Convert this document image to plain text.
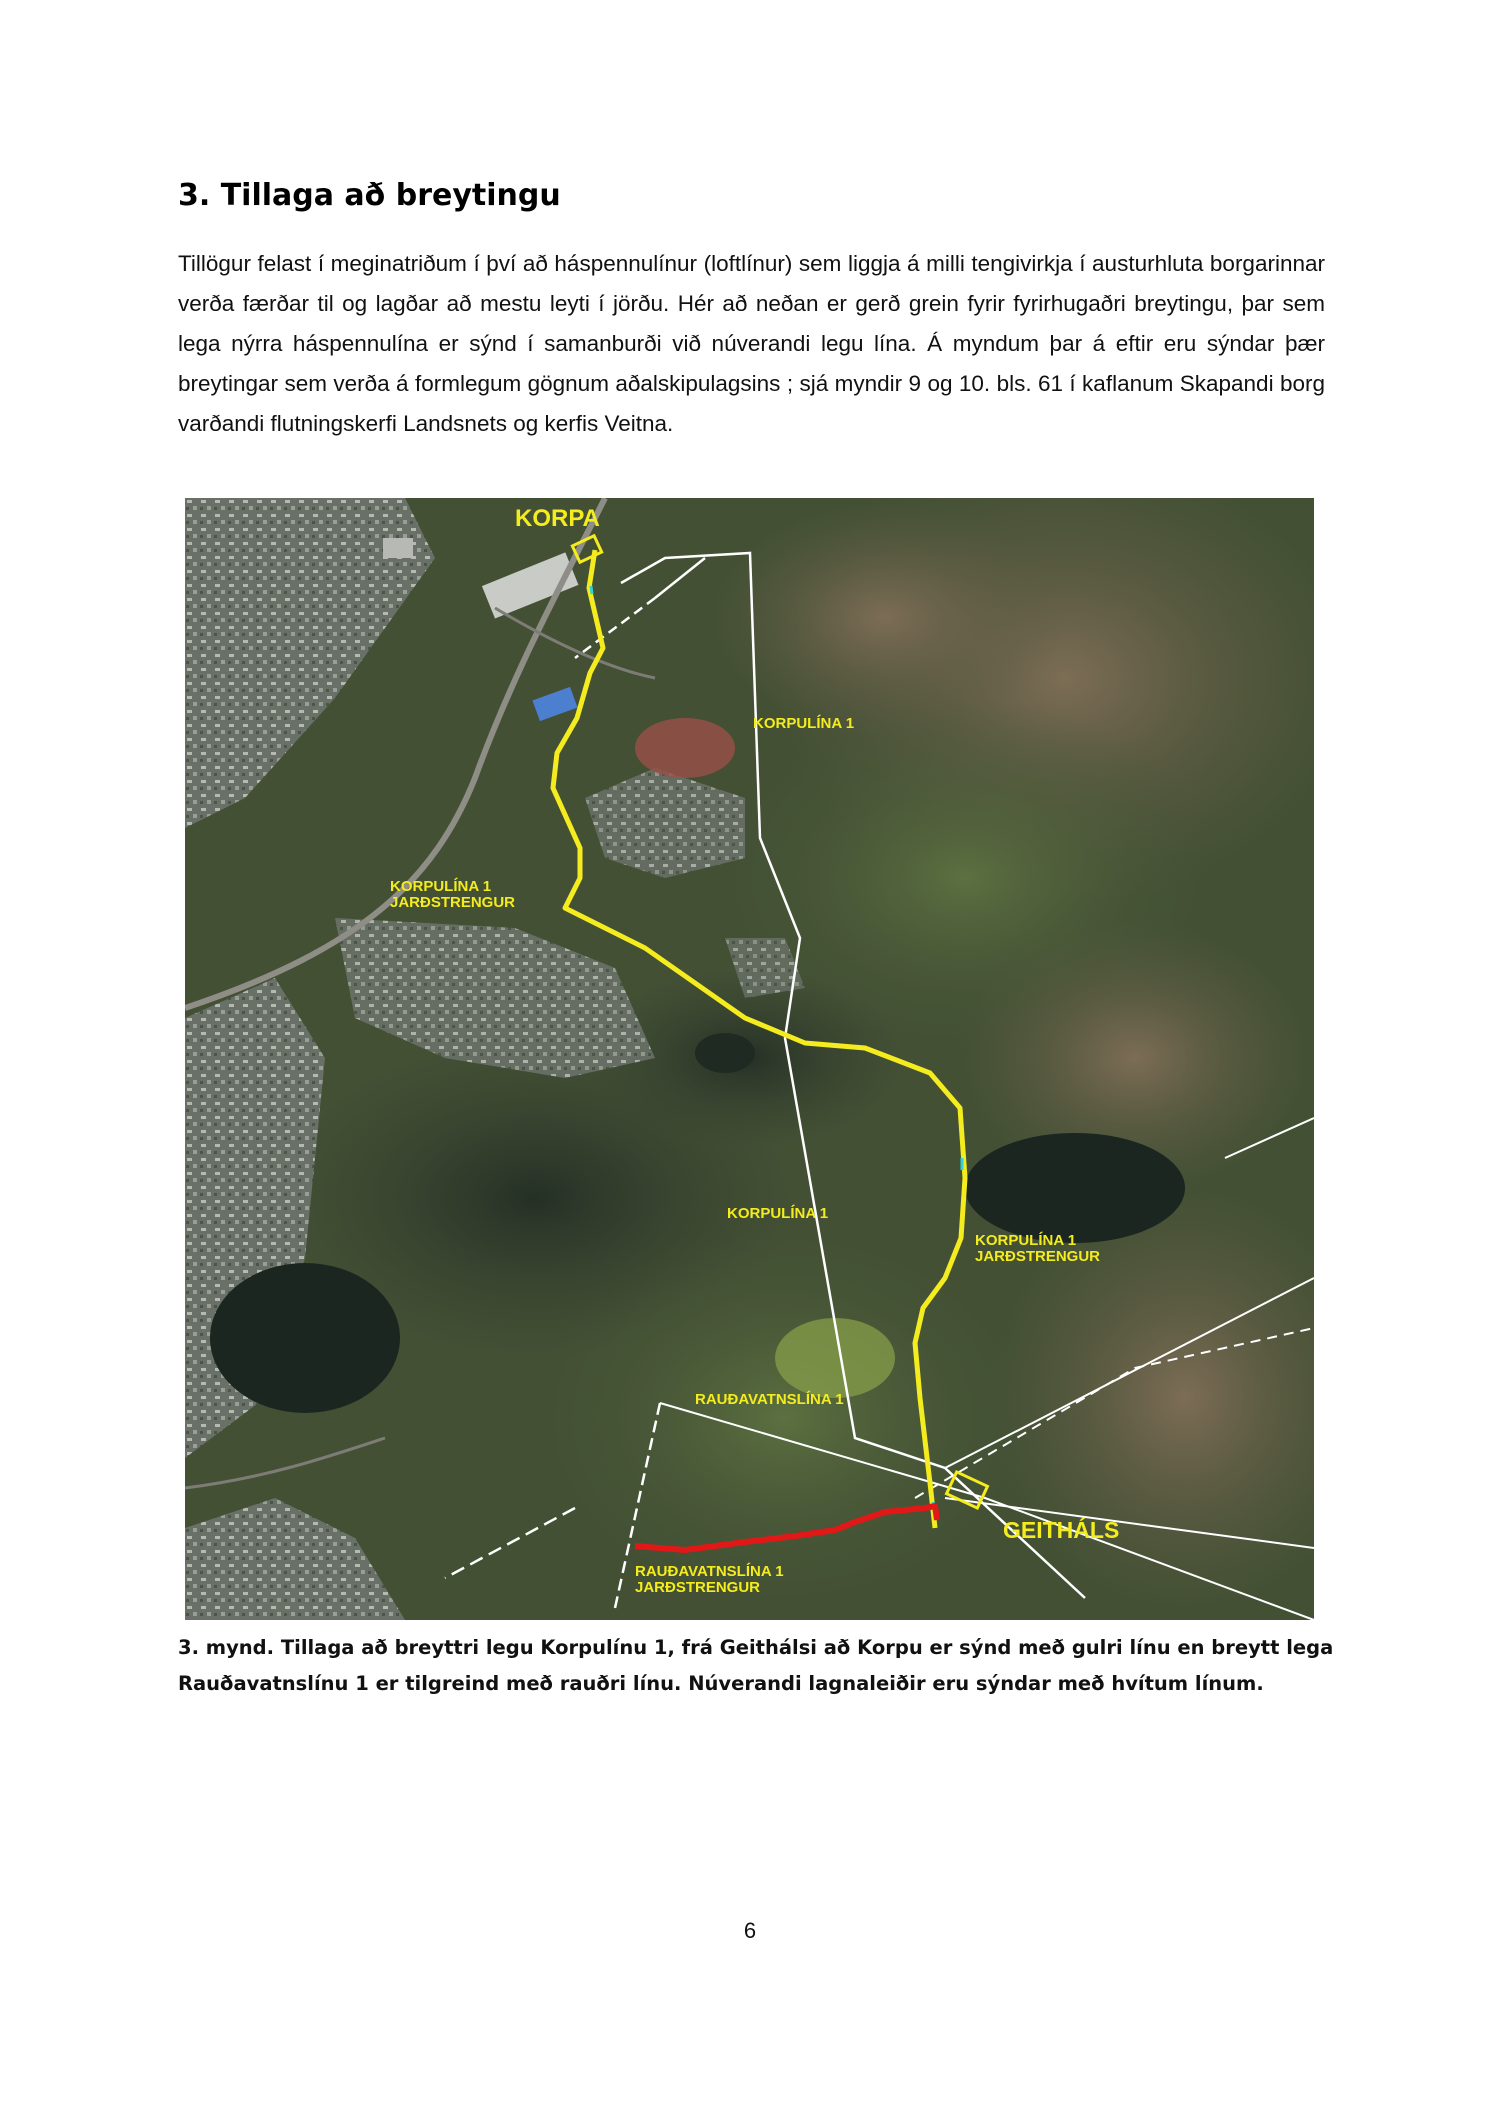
3. Tillaga að breytingu

Tillögur felast í meginatriðum í því að háspennulínur (loftlínur) sem liggja á milli tengivirkja í austurhluta borgarinnar verða færðar til og lagðar að mestu leyti í jörðu. Hér að neðan er gerð grein fyrir fyrirhugaðri breytingu, þar sem lega nýrra háspennulína er sýnd í samanburði við núverandi legu lína. Á myndum þar á eftir eru sýndar þær breytingar sem verða á formlegum gögnum aðalskipulagsins ; sjá myndir 9 og 10. bls. 61 í kaflanum Skapandi borg varðandi flutningskerfi Landsnets og kerfis Veitna.

KORPA
KORPULÍNA 1
KORPULÍNA 1
JARÐSTRENGUR
KORPULÍNA 1
KORPULÍNA 1
JARÐSTRENGUR
RAUÐAVATNSLÍNA 1
RAUÐAVATNSLÍNA 1
JARÐSTRENGUR
GEITHÁLS

3. mynd. Tillaga að breyttri legu Korpulínu 1, frá Geithálsi að Korpu er sýnd með gulri línu en breytt lega
Rauðavatnslínu 1 er tilgreind með rauðri línu. Núverandi lagnaleiðir eru sýndar með hvítum línum.

6
